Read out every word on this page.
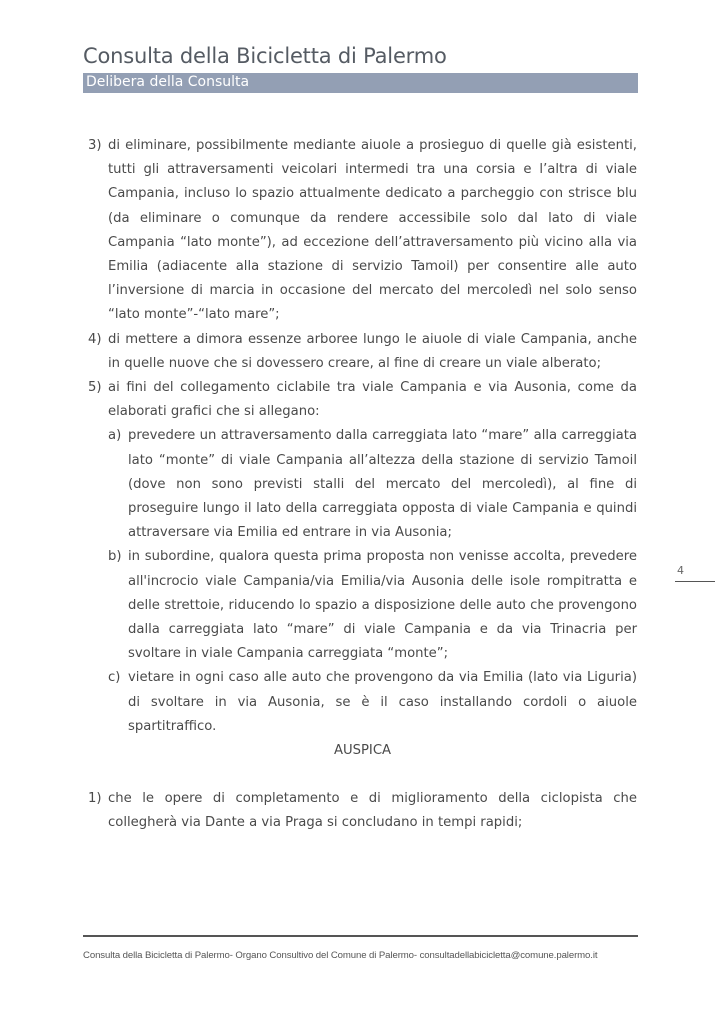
Consulta della Bicicletta di Palermo
Delibera della Consulta
3) di eliminare, possibilmente mediante aiuole a prosieguo di quelle già esistenti, tutti gli attraversamenti veicolari intermedi tra una corsia e l’altra di viale Campania, incluso lo spazio attualmente dedicato a parcheggio con strisce blu (da eliminare o comunque da rendere accessibile solo dal lato di viale Campania “lato monte”), ad eccezione dell’attraversamento più vicino alla via Emilia (adiacente alla stazione di servizio Tamoil) per consentire alle auto l’inversione di marcia in occasione del mercato del mercoledì nel solo senso “lato monte”-“lato mare”;
4) di mettere a dimora essenze arboree lungo le aiuole di viale Campania, anche in quelle nuove che si dovessero creare, al fine di creare un viale alberato;
5) ai fini del collegamento ciclabile tra viale Campania e via Ausonia, come da elaborati grafici che si allegano:
a) prevedere un attraversamento dalla carreggiata lato “mare” alla carreggiata lato “monte” di viale Campania all’altezza della stazione di servizio Tamoil (dove non sono previsti stalli del mercato del mercoledì), al fine di proseguire lungo il lato della carreggiata opposta di viale Campania e quindi attraversare via Emilia ed entrare in via Ausonia;
b) in subordine, qualora questa prima proposta non venisse accolta, prevedere all'incrocio viale Campania/via Emilia/via Ausonia delle isole rompitratta e delle strettoie, riducendo lo spazio a disposizione delle auto che provengono dalla carreggiata lato “mare” di viale Campania e da via Trinacria per svoltare in viale Campania carreggiata “monte”;
c) vietare in ogni caso alle auto che provengono da via Emilia (lato via Liguria) di svoltare in via Ausonia, se è il caso installando cordoli o aiuole spartitraffico.

AUSPICA

1) che le opere di completamento e di miglioramento della ciclopista che collegherà via Dante a via Praga si concludano in tempi rapidi;
4
Consulta della Bicicletta di Palermo- Organo Consultivo del Comune di Palermo- consultadellabicicletta@comune.palermo.it
